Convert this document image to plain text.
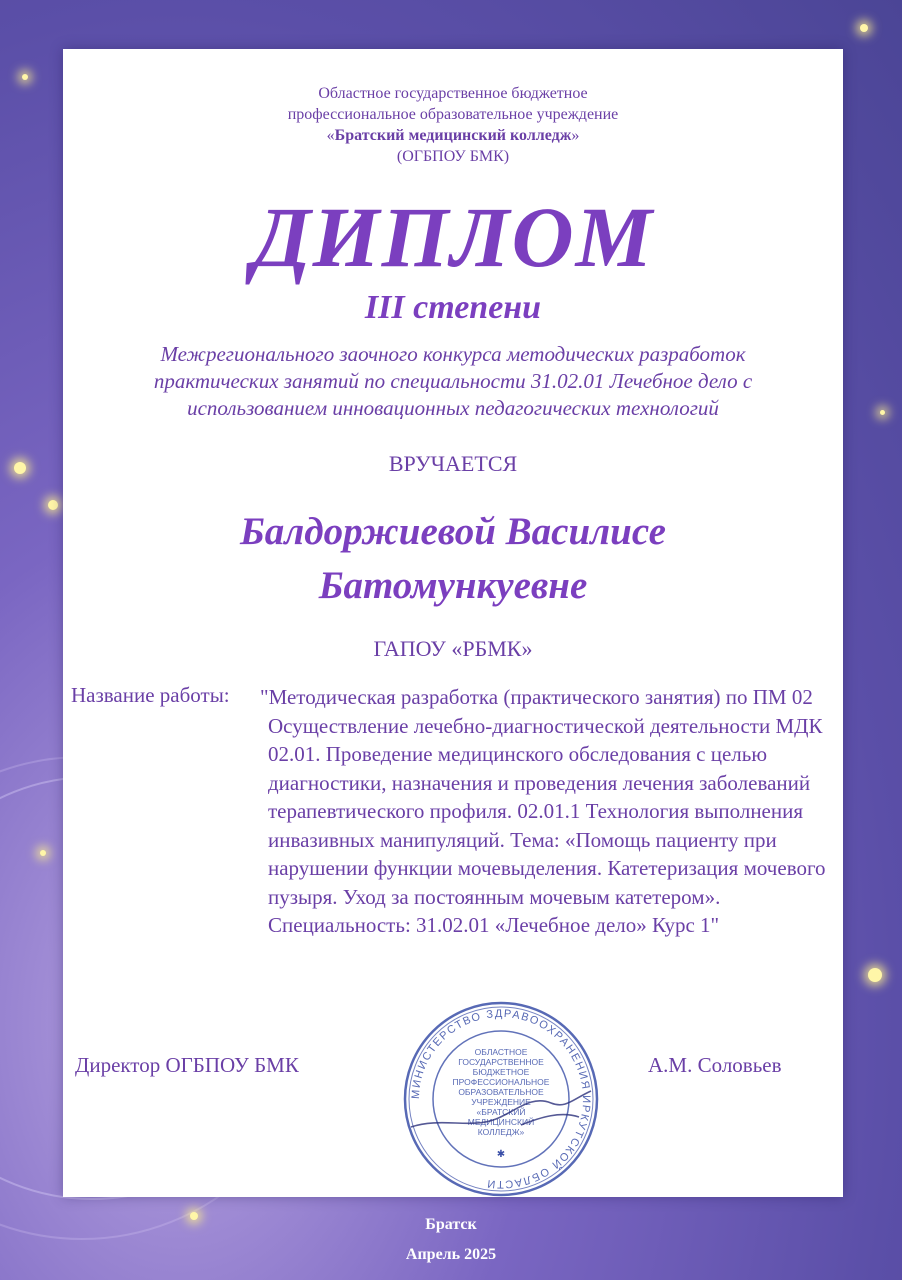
Областное государственное бюджетное
профессиональное образовательное учреждение
«Братский медицинский колледж»
(ОГБПОУ БМК)
ДИПЛОМ
III степени
Межрегионального заочного конкурса методических разработок
практических занятий по специальности 31.02.01 Лечебное дело с
использованием инновационных педагогических технологий
ВРУЧАЕТСЯ
Балдоржиевой Василисе
Батомункуевне
ГАПОУ «РБМК»
Название работы: "Методическая разработка (практического занятия) по ПМ 02 Осуществление лечебно-диагностической деятельности МДК 02.01. Проведение медицинского обследования с целью диагностики, назначения и проведения лечения заболеваний терапевтического профиля. 02.01.1 Технология выполнения инвазивных манипуляций. Тема: «Помощь пациенту при нарушении функции мочевыделения. Катетеризация мочевого пузыря. Уход за постоянным мочевым катетером». Специальность: 31.02.01 «Лечебное дело» Курс 1"
Директор ОГБПОУ БМК	А.М. Соловьев
МИНИСТЕРСТВО ЗДРАВООХРАНЕНИЯ ИРКУТСКОЙ ОБЛАСТИ
ОБЛАСТНОЕ
ГОСУДАРСТВЕННОЕ
БЮДЖЕТНОЕ
ПРОФЕССИОНАЛЬНОЕ
ОБРАЗОВАТЕЛЬНОЕ
УЧРЕЖДЕНИЕ
«БРАТСКИЙ
МЕДИЦИНСКИЙ
КОЛЛЕДЖ»
✱
Братск
Апрель 2025
